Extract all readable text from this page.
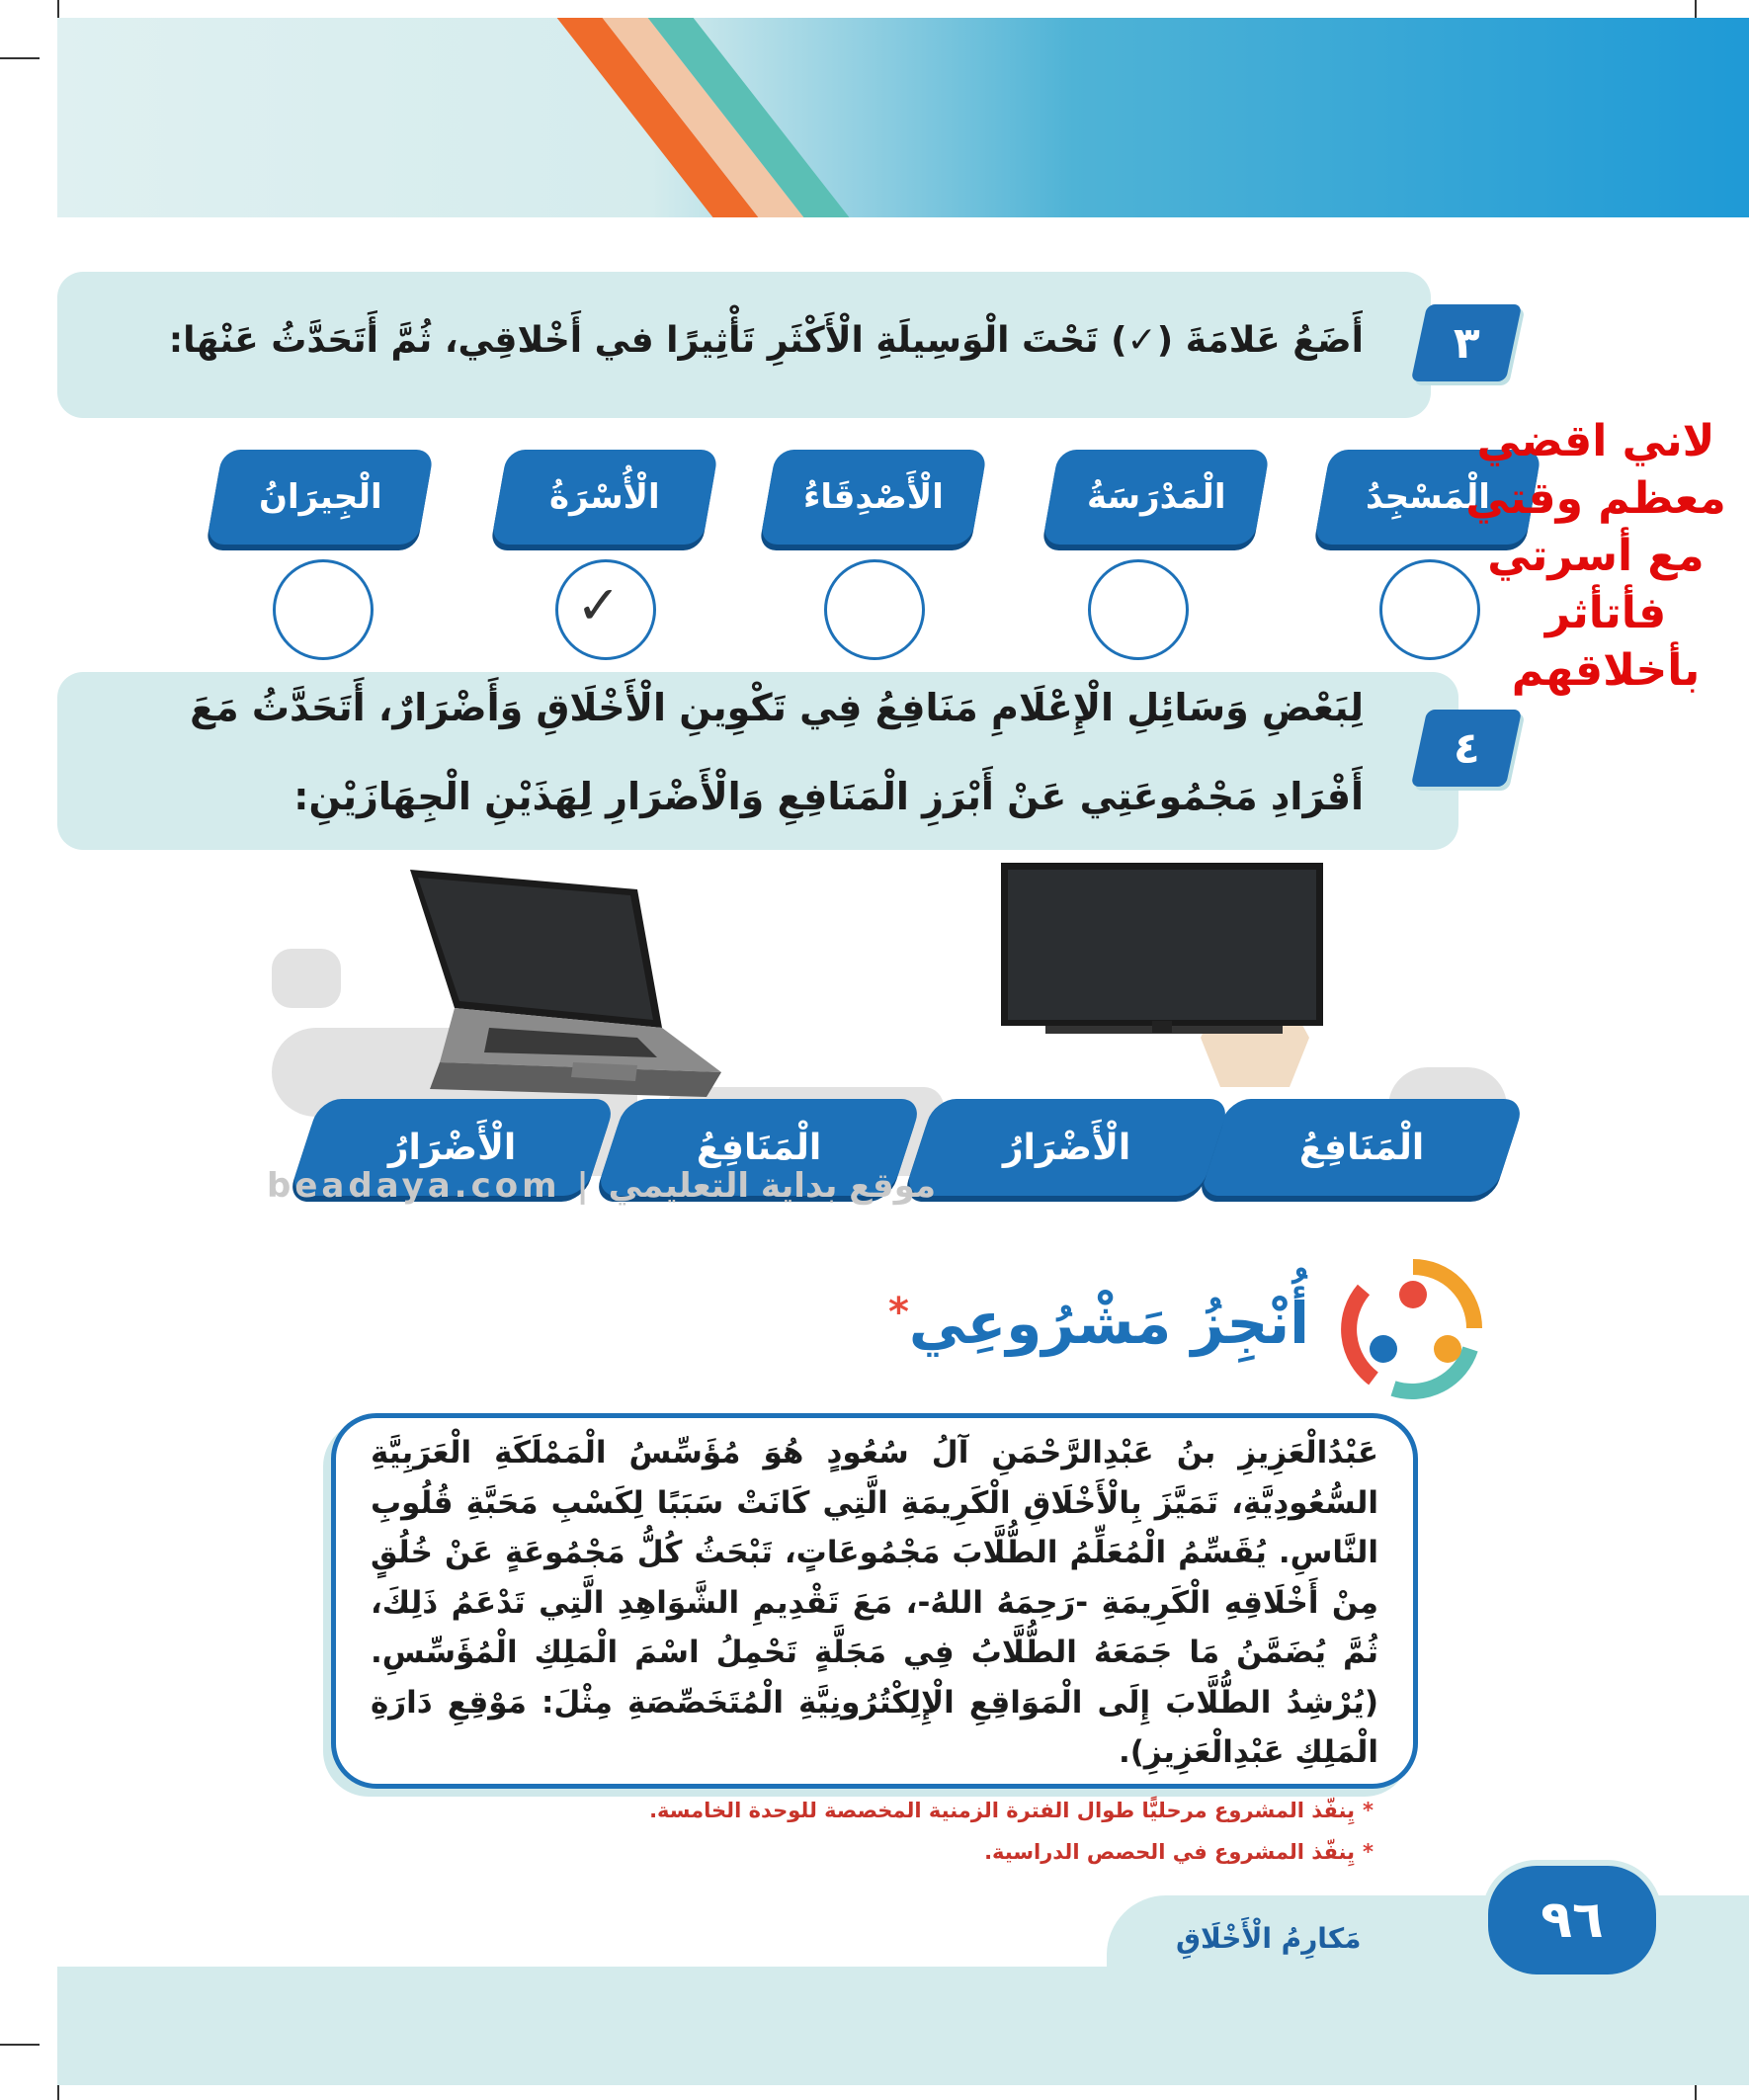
٣
أَضَعُ عَلامَةَ (✓) تَحْتَ الْوَسِيلَةِ الْأَكْثَرِ تَأْثِيرًا في أَخْلاقِي، ثُمَّ أَتَحَدَّثُ عَنْهَا:
الْمَسْجِدُ
الْمَدْرَسَةُ
الْأَصْدِقَاءُ
الْأُسْرَةُ
الْجِيرَانُ
✓
لاني اقضي
معظم وقتي
مع أسرتي
فأتأثر بأخلاقهم
٤
لِبَعْضِ وَسَائِلِ الْإِعْلَامِ مَنَافِعُ فِي تَكْوِينِ الْأَخْلَاقِ وَأَضْرَارٌ، أَتَحَدَّثُ مَعَ
أَفْرَادِ مَجْمُوعَتِي عَنْ أَبْرَزِ الْمَنَافِعِ وَالْأَضْرَارِ لِهَذَيْنِ الْجِهَازَيْنِ:
الْمَنَافِعُ
الْأَضْرَارُ
الْمَنَافِعُ
الْأَضْرَارُ
beadaya.com | موقع بداية التعليمي
أُنْجِزُ مَشْرُوعِي*
عَبْدُالْعَزِيزِ بنُ عَبْدِالرَّحْمَنِ آلُ سُعُودٍ هُوَ مُؤَسِّسُ الْمَمْلَكَةِ الْعَرَبِيَّةِ السُّعُودِيَّةِ، تَمَيَّزَ بِالْأَخْلَاقِ الْكَرِيمَةِ الَّتِي كَانَتْ سَبَبًا لِكَسْبِ مَحَبَّةِ قُلُوبِ النَّاسِ. يُقَسِّمُ الْمُعَلِّمُ الطُّلَّابَ مَجْمُوعَاتٍ، تَبْحَثُ كُلُّ مَجْمُوعَةٍ عَنْ خُلُقٍ مِنْ أَخْلَاقِهِ الْكَرِيمَةِ -رَحِمَهُ اللهُ-، مَعَ تَقْدِيمِ الشَّوَاهِدِ الَّتِي تَدْعَمُ ذَلِكَ، ثُمَّ يُضَمَّنُ مَا جَمَعَهُ الطُّلَّابُ فِي مَجَلَّةٍ تَحْمِلُ اسْمَ الْمَلِكِ الْمُؤَسِّسِ. (يُرْشِدُ الطُّلَّابَ إِلَى الْمَوَاقِعِ الْإِلِكْتُرُونِيَّةِ الْمُتَخَصِّصَةِ مِثْلَ: مَوْقِعِ دَارَةِ الْمَلِكِ عَبْدِالْعَزِيزِ).
*يِنفّذ المشروع مرحليًّا طوال الفترة الزمنية المخصصة للوحدة الخامسة.
*يِنفّذ المشروع في الحصص الدراسية.
٩٦
مَكارِمُ الْأَخْلَاقِ
